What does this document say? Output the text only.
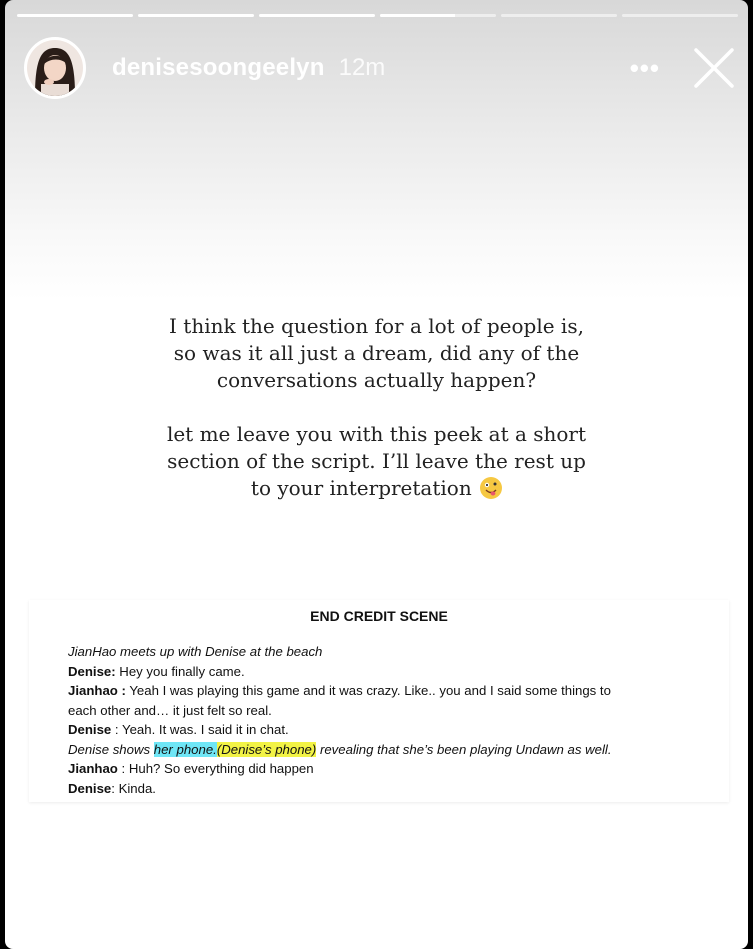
denisesoongeelyn 12m	•••

I think the question for a lot of people is, so was it all just a dream, did any of the conversations actually happen?

let me leave you with this peek at a short section of the script. I’ll leave the rest up to your interpretation

END CREDIT SCENE
JianHao meets up with Denise at the beach
Denise: Hey you finally came.
Jianhao : Yeah I was playing this game and it was crazy. Like.. you and I said some things to
each other and… it just felt so real.
Denise : Yeah. It was. I said it in chat.
Denise shows her phone.(Denise’s phone) revealing that she’s been playing Undawn as well.
Jianhao : Huh? So everything did happen
Denise: Kinda.
